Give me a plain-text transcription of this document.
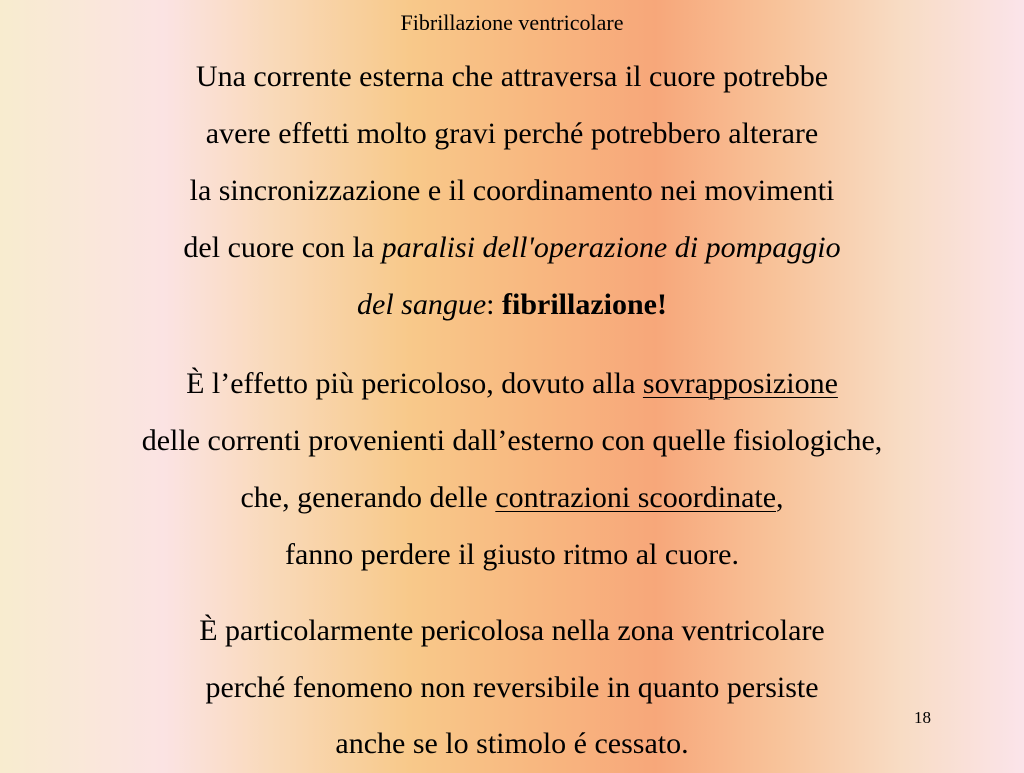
Fibrillazione ventricolare
Una corrente esterna che attraversa il cuore potrebbe
avere effetti molto gravi perché potrebbero alterare
la sincronizzazione e il coordinamento nei movimenti
del cuore con la paralisi dell'operazione di pompaggio
del sangue: fibrillazione!
È l’effetto più pericoloso, dovuto alla sovrapposizione
delle correnti provenienti dall’esterno con quelle fisiologiche,
che, generando delle contrazioni scoordinate,
fanno perdere il giusto ritmo al cuore.
È particolarmente pericolosa nella zona ventricolare
perché fenomeno non reversibile in quanto persiste
anche se lo stimolo é cessato.
18
